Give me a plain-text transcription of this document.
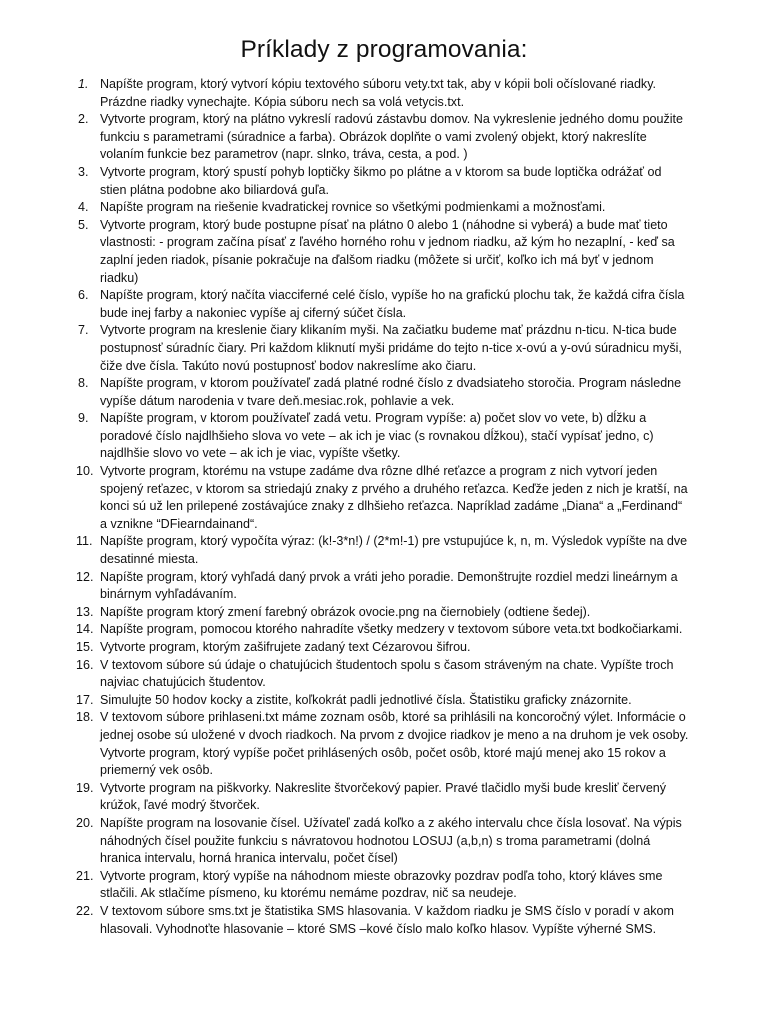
Príklady z programovania:
1. Napíšte program, ktorý vytvorí kópiu textového súboru vety.txt tak, aby v kópii boli očíslované riadky. Prázdne riadky vynechajte. Kópia súboru nech sa volá vetycis.txt.
2. Vytvorte program, ktorý na plátno vykreslí radovú zástavbu domov. Na vykreslenie jedného domu použite funkciu s parametrami (súradnice a farba). Obrázok doplňte o vami zvolený objekt, ktorý nakreslíte volaním funkcie bez parametrov (napr. slnko, tráva, cesta, a pod. )
3. Vytvorte program, ktorý spustí pohyb loptičky šikmo po plátne a v ktorom sa bude loptička odrážať od stien plátna podobne ako biliardová guľa.
4. Napíšte program na riešenie kvadratickej rovnice so všetkými podmienkami a možnosťami.
5. Vytvorte program, ktorý bude postupne písať na plátno 0 alebo 1 (náhodne si vyberá) a bude mať tieto vlastnosti: - program začína písať z ľavého horného rohu v jednom riadku, až kým ho nezaplní, - keď sa zaplní jeden riadok, písanie pokračuje na ďalšom riadku (môžete si určiť, koľko ich má byť v jednom riadku)
6. Napíšte program, ktorý načíta viacciferné celé číslo, vypíše ho na grafickú plochu tak, že každá cifra čísla bude inej farby a nakoniec vypíše aj ciferný súčet čísla.
7. Vytvorte program na kreslenie čiary klikaním myši. Na začiatku budeme mať prázdnu n-ticu. N-tica bude postupnosť súradníc čiary. Pri každom kliknutí myši pridáme do tejto n-tice x-ovú a y-ovú súradnicu myši, čiže dve čísla. Takúto novú postupnosť bodov nakreslíme ako čiaru.
8. Napíšte program, v ktorom používateľ zadá platné rodné číslo z dvadsiateho storočia. Program následne vypíše dátum narodenia v tvare deň.mesiac.rok, pohlavie a vek.
9. Napíšte program, v ktorom používateľ zadá vetu. Program vypíše: a) počet slov vo vete, b) dĺžku a poradové číslo najdlhšieho slova vo vete – ak ich je viac (s rovnakou dĺžkou), stačí vypísať jedno, c) najdlhšie slovo vo vete – ak ich je viac, vypíšte všetky.
10. Vytvorte program, ktorému na vstupe zadáme dva rôzne dlhé reťazce a program z nich vytvorí jeden spojený reťazec, v ktorom sa striedajú znaky z prvého a druhého reťazca. Keďže jeden z nich je kratší, na konci sú už len prilepené zostávajúce znaky z dlhšieho reťazca. Napríklad zadáme „Diana“ a „Ferdinand“ a vznikne “DFiearndainand“.
11. Napíšte program, ktorý vypočíta výraz: (k!-3*n!) / (2*m!-1) pre vstupujúce k, n, m. Výsledok vypíšte na dve desatinné miesta.
12. Napíšte program, ktorý vyhľadá daný prvok a vráti jeho poradie. Demonštrujte rozdiel medzi lineárnym a binárnym vyhľadávaním.
13. Napíšte program ktorý zmení farebný obrázok ovocie.png na čiernobiely (odtiene šedej).
14. Napíšte program, pomocou ktorého nahradíte všetky medzery v textovom súbore veta.txt bodkočiarkami.
15. Vytvorte program, ktorým zašifrujete zadaný text Cézarovou šifrou.
16. V textovom súbore sú údaje o chatujúcich študentoch spolu s časom stráveným na chate. Vypíšte troch najviac chatujúcich študentov.
17. Simulujte 50 hodov kocky a zistite, koľkokrát padli jednotlivé čísla. Štatistiku graficky znázornite.
18. V textovom súbore prihlaseni.txt máme zoznam osôb, ktoré sa prihlásili na koncoročný výlet. Informácie o jednej osobe sú uložené v dvoch riadkoch. Na prvom z dvojice riadkov je meno a na druhom je vek osoby. Vytvorte program, ktorý vypíše počet prihlásených osôb, počet osôb, ktoré majú menej ako 15 rokov a priemerný vek osôb.
19. Vytvorte program na piškvorky. Nakreslite štvorčekový papier. Pravé tlačidlo myši bude kresliť červený krúžok, ľavé modrý štvorček.
20. Napíšte program na losovanie čísel. Užívateľ zadá koľko a z akého intervalu chce čísla losovať. Na výpis náhodných čísel použite funkciu s návratovou hodnotou LOSUJ (a,b,n) s troma parametrami (dolná hranica intervalu, horná hranica intervalu, počet čísel)
21. Vytvorte program, ktorý vypíše na náhodnom mieste obrazovky pozdrav podľa toho, ktorý kláves sme stlačili. Ak stlačíme písmeno, ku ktorému nemáme pozdrav, nič sa neudeje.
22. V textovom súbore sms.txt je štatistika SMS hlasovania. V každom riadku je SMS číslo v poradí v akom hlasovali. Vyhodnoťte hlasovanie – ktoré SMS –kové číslo malo koľko hlasov. Vypíšte výherné SMS.
